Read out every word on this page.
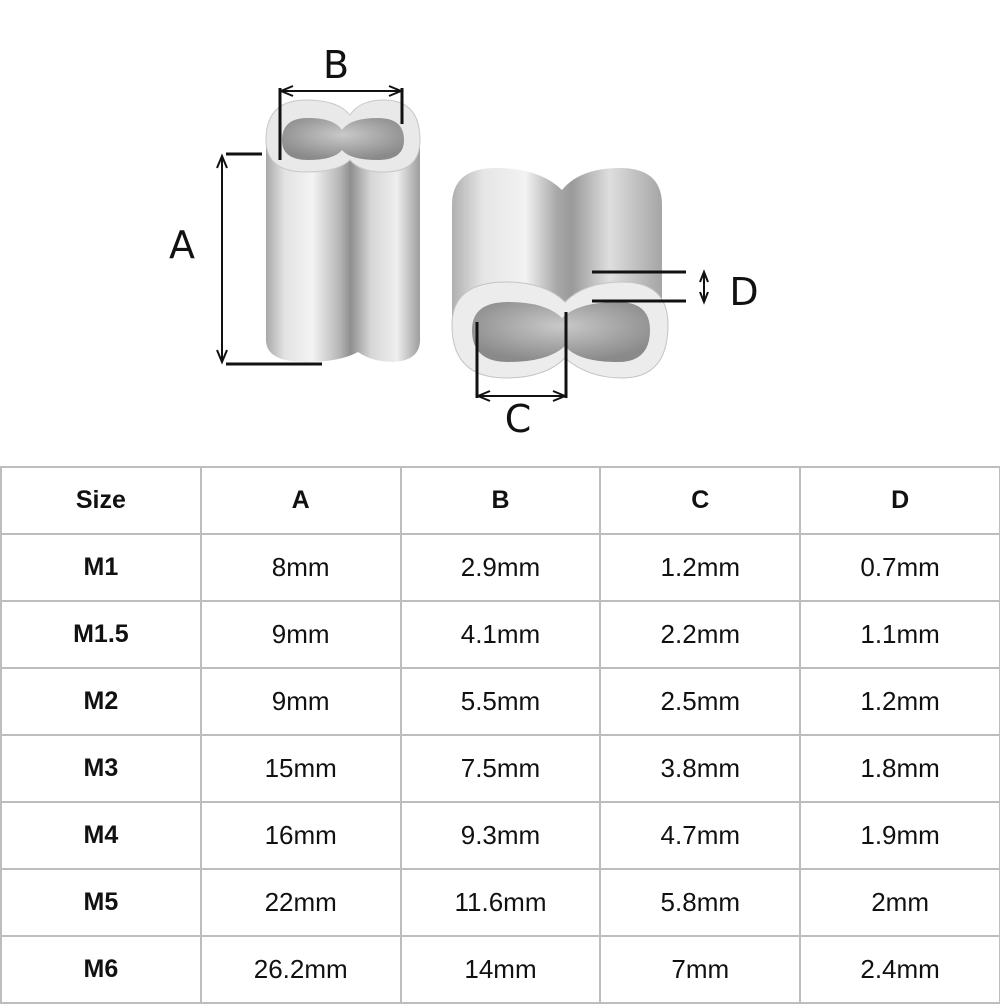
A
B
C
D
Size	A	B	C	D
M1	8mm	2.9mm	1.2mm	0.7mm
M1.5	9mm	4.1mm	2.2mm	1.1mm
M2	9mm	5.5mm	2.5mm	1.2mm
M3	15mm	7.5mm	3.8mm	1.8mm
M4	16mm	9.3mm	4.7mm	1.9mm
M5	22mm	11.6mm	5.8mm	2mm
M6	26.2mm	14mm	7mm	2.4mm
